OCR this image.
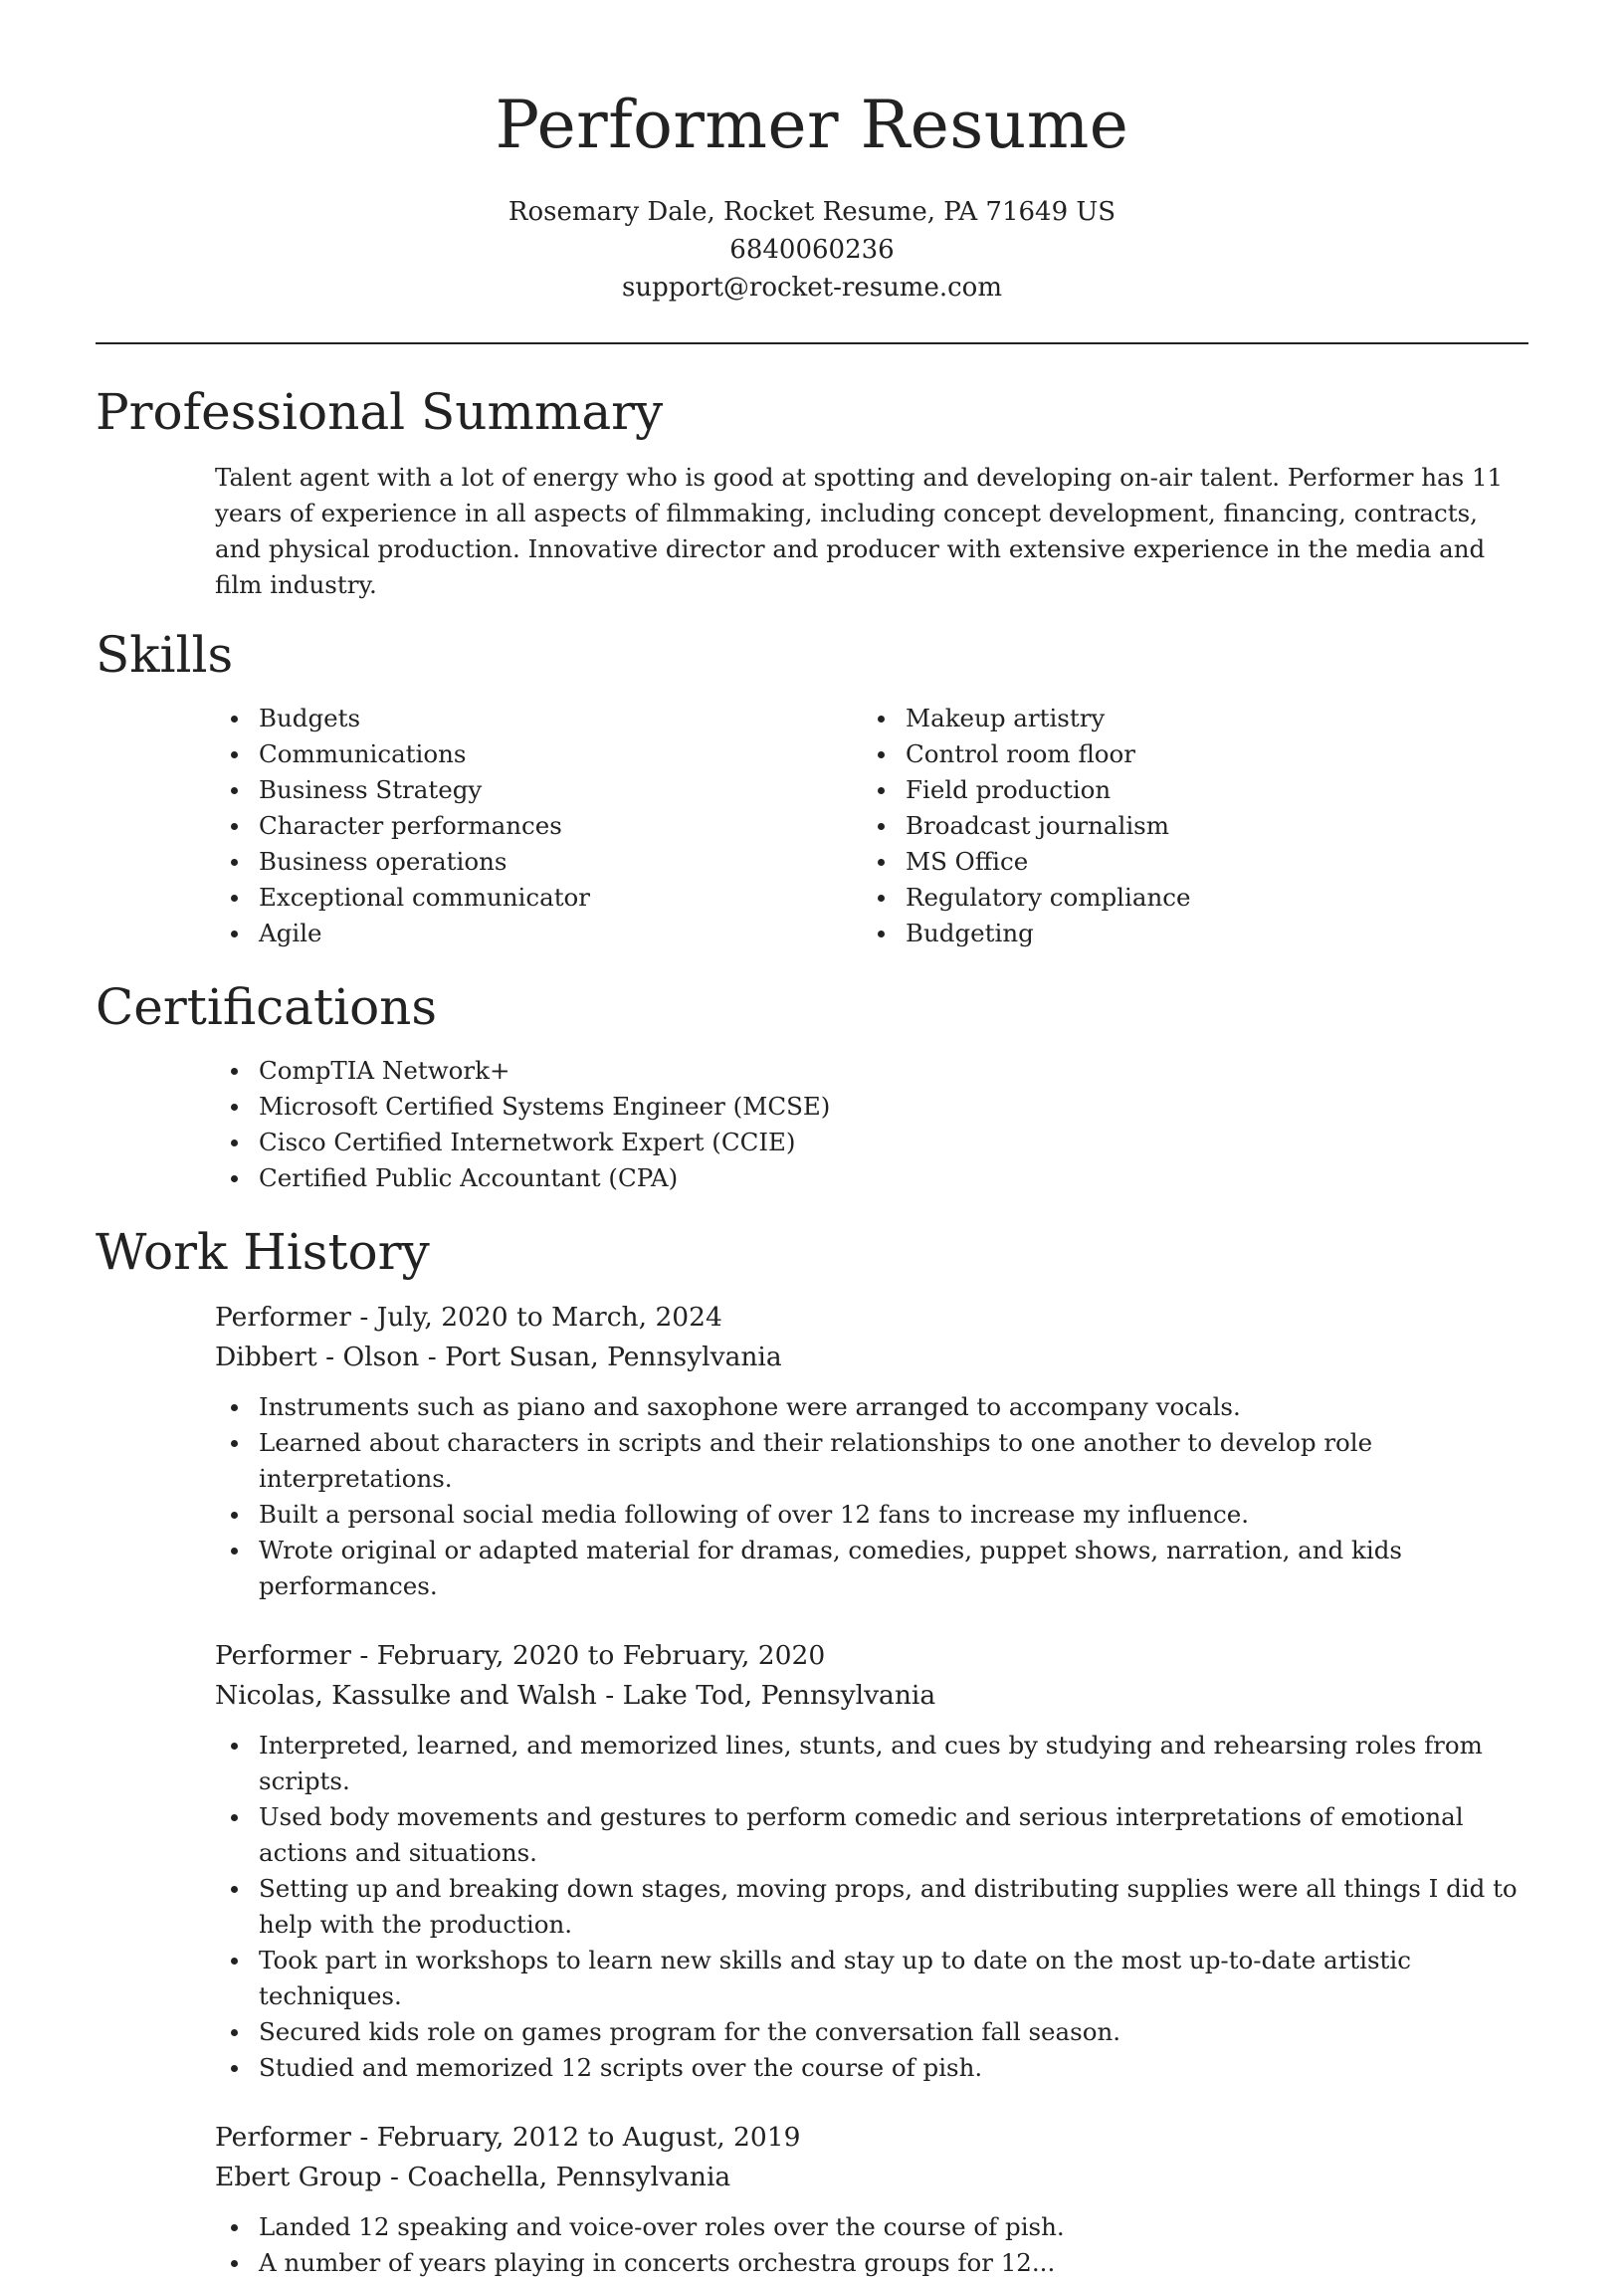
Performer Resume
Rosemary Dale, Rocket Resume, PA 71649 US
6840060236
support@rocket-resume.com
Professional Summary

Talent agent with a lot of energy who is good at spotting and developing on-air talent. Performer has 11 years of experience in all aspects of filmmaking, including concept development, financing, contracts, and physical production. Innovative director and producer with extensive experience in the media and film industry.

Skills
Budgets
Communications
Business Strategy
Character performances
Business operations
Exceptional communicator
Agile
Makeup artistry
Control room floor
Field production
Broadcast journalism
MS Office
Regulatory compliance
Budgeting
Certifications
CompTIA Network+
Microsoft Certified Systems Engineer (MCSE)
Cisco Certified Internetwork Expert (CCIE)
Certified Public Accountant (CPA)
Work History
Performer - July, 2020 to March, 2024
Dibbert - Olson - Port Susan, Pennsylvania
Instruments such as piano and saxophone were arranged to accompany vocals.
Learned about characters in scripts and their relationships to one another to develop role interpretations.
Built a personal social media following of over 12 fans to increase my influence.
Wrote original or adapted material for dramas, comedies, puppet shows, narration, and kids performances.
Performer - February, 2020 to February, 2020
Nicolas, Kassulke and Walsh - Lake Tod, Pennsylvania
Interpreted, learned, and memorized lines, stunts, and cues by studying and rehearsing roles from scripts.
Used body movements and gestures to perform comedic and serious interpretations of emotional actions and situations.
Setting up and breaking down stages, moving props, and distributing supplies were all things I did to help with the production.
Took part in workshops to learn new skills and stay up to date on the most up-to-date artistic techniques.
Secured kids role on games program for the conversation fall season.
Studied and memorized 12 scripts over the course of pish.
Performer - February, 2012 to August, 2019
Ebert Group - Coachella, Pennsylvania
Landed 12 speaking and voice-over roles over the course of pish.
A number of years playing in concerts orchestra groups for 12...
